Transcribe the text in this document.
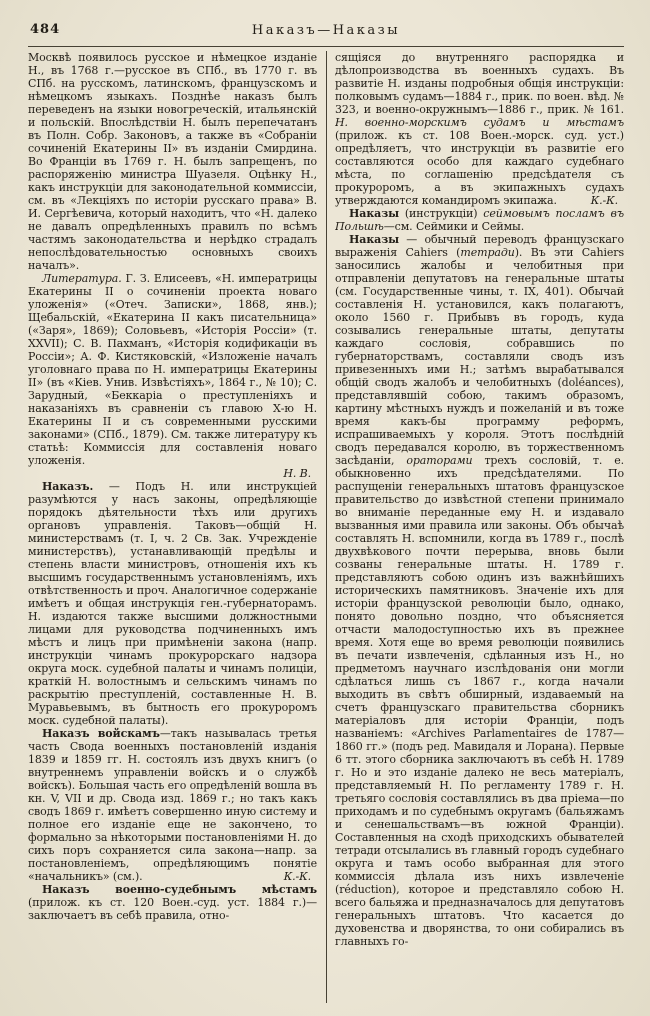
484	Наказъ—Наказы

Москвѣ появилось русское и нѣмецкое изданіе Н., въ 1768 г.—русское въ СПб., въ 1770 г. въ СПб. на русскомъ, латинскомъ, французскомъ и нѣмецкомъ языкахъ. Позднѣе наказъ былъ переведенъ на языки новогреческій, итальянскій и польскій. Впослѣдствіи Н. былъ перепечатанъ въ Полн. Собр. Законовъ, а также въ «Собраніи сочиненій Екатерины II» въ изданіи Смирдина. Во Франціи въ 1769 г. Н. былъ запрещенъ, по распоряженію министра Шуазеля. Оцѣнку Н., какъ инструкціи для законодательной коммиссіи, см. въ «Лекціяхъ по исторіи русскаго права» В. И. Сергѣевича, который находитъ, что «Н. далеко не давалъ опредѣленныхъ правилъ по всѣмъ частямъ законодательства и нерѣдко страдалъ непослѣдовательностью основныхъ своихъ началъ».

Литература. Г. З. Елисеевъ, «Н. императрицы Екатерины II о сочиненіи проекта новаго уложенія» («Отеч. Записки», 1868, янв.); Щебальскій, «Екатерина II какъ писательница» («Заря», 1869); Соловьевъ, «Исторія Россіи» (т. XXVII); С. В. Пахманъ, «Исторія кодификаціи въ Россіи»; А. Ф. Кистяковскій, «Изложеніе началъ уголовнаго права по Н. императрицы Екатерины II» (въ «Кіев. Унив. Извѣстіяхъ», 1864 г., № 10); С. Зарудный, «Беккаріа о преступленіяхъ и наказаніяхъ въ сравненіи съ главою Х-ю Н. Екатерины II и съ современными русскими законами» (СПб., 1879). См. также литературу къ статьѣ: Коммиссія для составленія новаго уложенія.

Н. В.

Наказъ. — Подъ Н. или инструкціей разумѣются у насъ законы, опредѣляющіе порядокъ дѣятельности тѣхъ или другихъ органовъ управленія. Таковъ—общій Н. министерствамъ (т. I, ч. 2 Св. Зак. Учрежденіе министерствъ), устанавливающій предѣлы и степень власти министровъ, отношенія ихъ къ высшимъ государственнымъ установленіямъ, ихъ отвѣтственность и проч. Аналогичное содержаніе имѣетъ и общая инструкція ген.-губернаторамъ. Н. издаются также высшими должностными лицами для руководства подчиненныхъ имъ мѣстъ и лицъ при примѣненіи закона (напр. инструкціи чинамъ прокурорскаго надзора округа моск. судебной палаты и чинамъ полиціи, краткій Н. волостнымъ и сельскимъ чинамъ по раскрытію преступленій, составленные Н. В. Муравьевымъ, въ бытность его прокуроромъ моск. судебной палаты).

Наказъ войскамъ—такъ называлась третья часть Свода военныхъ постановленій изданія 1839 и 1859 гг. Н. состоялъ изъ двухъ книгъ (о внутреннемъ управленіи войскъ и о службѣ войскъ). Большая часть его опредѣленій вошла въ кн. V, VII и др. Свода изд. 1869 г.; но такъ какъ сводъ 1869 г. имѣетъ совершенно иную систему и полное его изданіе еще не закончено, то формально за нѣкоторыми постановленіями Н. до сихъ поръ сохраняется сила закона—напр. за постановленіемъ, опредѣляющимъ понятіе «начальникъ» (см.).	К.-К.

Наказъ военно-судебнымъ мѣстамъ (прилож. къ ст. 120 Воен.-суд. уст. 1884 г.)—заключаетъ въ себѣ правила, отно-

сящіяся до внутренняго распорядка и дѣлопроизводства въ военныхъ судахъ. Въ развитіе Н. изданы подробныя общія инструкціи: полковымъ судамъ—1884 г., прик. по воен. вѣд. № 323, и военно-окружнымъ—1886 г., прик. № 161. Н. военно-морскимъ судамъ и мѣстамъ (прилож. къ ст. 108 Воен.-морск. суд. уст.) опредѣляетъ, что инструкціи въ развитіе его составляются особо для каждаго судебнаго мѣста, по соглашенію предсѣдателя съ прокуроромъ, а въ экипажныхъ судахъ утверждаются командиромъ экипажа.	К.-К.

Наказы (инструкціи) сеймовымъ посламъ въ Польшѣ—см. Сеймики и Сеймы.

Наказы — обычный переводъ французскаго выраженія Cahiers (тетради). Въ эти Cahiers заносились жалобы и челобитныя при отправленіи депутатовъ на генеральные штаты (см. Государственные чины, т. IX, 401). Обычай составленія Н. установился, какъ полагаютъ, около 1560 г. Прибывъ въ городъ, куда созывались генеральные штаты, депутаты каждаго сословія, собравшись по губернаторствамъ, составляли сводъ изъ привезенныхъ ими Н.; затѣмъ вырабатывался общій сводъ жалобъ и челобитныхъ (doléances), представлявшій собою, такимъ образомъ, картину мѣстныхъ нуждъ и пожеланій и въ тоже время какъ-бы программу реформъ, испрашиваемыхъ у короля. Этотъ послѣдній сводъ передавался королю, въ торжественномъ засѣданіи, ораторами трехъ сословій, т. е. обыкновенно ихъ предсѣдателями. По распущеніи генеральныхъ штатовъ французское правительство до извѣстной степени принимало во вниманіе переданные ему Н. и издавало вызванныя ими правила или законы. Объ обычаѣ составлять Н. вспомнили, когда въ 1789 г., послѣ двухвѣкового почти перерыва, вновь были созваны генеральные штаты. Н. 1789 г. представляютъ собою одинъ изъ важнѣйшихъ историческихъ памятниковъ. Значеніе ихъ для исторіи французской революціи было, однако, понято довольно поздно, что объясняется отчасти малодоступностью ихъ въ прежнее время. Хотя еще во время революціи появились въ печати извлеченія, сдѣланныя изъ Н., но предметомъ научнаго изслѣдованія они могли сдѣлаться лишь съ 1867 г., когда начали выходить въ свѣтъ обширный, издаваемый на счетъ французскаго правительства сборникъ матеріаловъ для исторіи Франціи, подъ названіемъ: «Archives Parlamentaires de 1787—1860 гг.» (подъ ред. Мавидаля и Лорана). Первые 6 тт. этого сборника заключаютъ въ себѣ Н. 1789 г. Но и это изданіе далеко не весь матеріалъ, представляемый Н. По регламенту 1789 г. Н. третьяго сословія составлялись въ два пріема—по приходамъ и по судебнымъ округамъ (бальяжамъ и сенешальствамъ—въ южной Франціи). Составленныя на сходѣ приходскихъ обывателей тетради отсылались въ главный городъ судебнаго округа и тамъ особо выбранная для этого коммиссія дѣлала изъ нихъ извлеченіе (réduction), которое и представляло собою Н. всего бальяжа и предназначалось для депутатовъ генеральныхъ штатовъ. Что касается до духовенства и дворянства, то они собирались въ главныхъ го-
